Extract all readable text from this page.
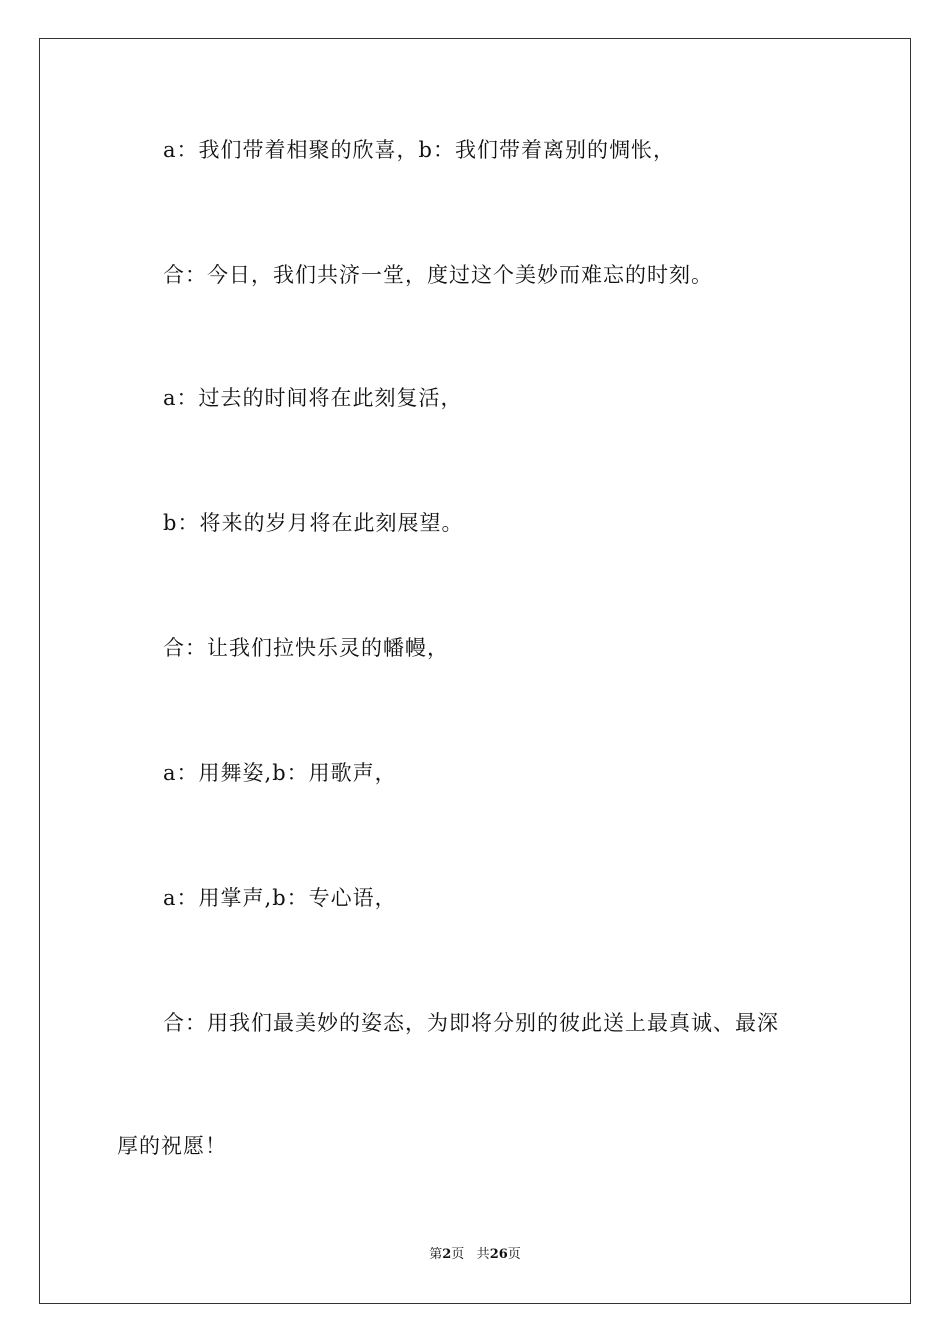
a：我们带着相聚的欣喜，b：我们带着离别的惆怅，
合：今日，我们共济一堂，度过这个美妙而难忘的时刻。
a：过去的时间将在此刻复活，
b：将来的岁月将在此刻展望。
合：让我们拉快乐灵的幡幔，
a：用舞姿,b：用歌声，
a：用掌声,b：专心语，
合：用我们最美妙的姿态，为即将分别的彼此送上最真诚、最深
厚的祝愿！
第2页 共26页
